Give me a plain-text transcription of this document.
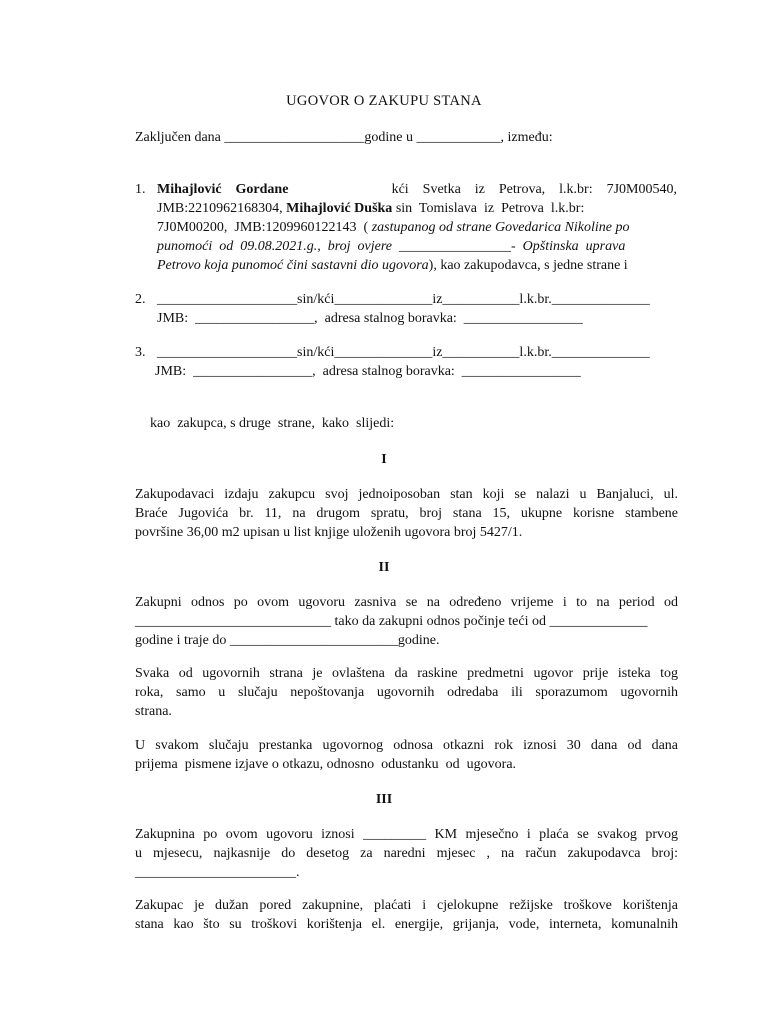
UGOVOR O ZAKUPU STANA
Zaključen dana ____________________godine u ____________, između:
1. Mihajlović    Gordane	kći    Svetka    iz    Petrova,    l.k.br:    7J0M00540,
JMB:2210962168304, Mihajlović Duška sin  Tomislava  iz  Petrova  l.k.br:
7J0M00200,  JMB:1209960122143  ( zastupanog od strane Govedarica Nikoline po
punomoći  od  09.08.2021.g.,  broj  ovjere  ________________-  Opštinska  uprava
Petrovo koja punomoć čini sastavni dio ugovora), kao zakupodavca, s jedne strane i
2. ____________________sin/kći______________iz___________l.k.br.______________
JMB:  _________________,  adresa stalnog boravka:  _________________
3. ____________________sin/kći______________iz___________l.k.br.______________
JMB:  _________________,  adresa stalnog boravka:  _________________
kao  zakupca, s druge  strane,  kako  slijedi:
I
Zakupodavaci izdaju zakupcu svoj jednoiposoban stan koji se nalazi u Banjaluci, ul.
Braće Jugovića br. 11, na drugom spratu, broj stana 15, ukupne korisne stambene
površine 36,00 m2 upisan u list knjige uloženih ugovora broj 5427/1.
II
Zakupni odnos po ovom ugovoru zasniva se na određeno vrijeme i to na period od
____________________________ tako da zakupni odnos počinje teći od ______________
godine i traje do ________________________godine.
Svaka od ugovornih strana je ovlaštena da raskine predmetni ugovor prije isteka tog
roka, samo u slučaju nepoštovanja ugovornih odredaba ili sporazumom ugovornih
strana.
U svakom slučaju prestanka ugovornog odnosa otkazni rok iznosi 30 dana od dana
prijema  pismene izjave o otkazu, odnosno  odustanku  od  ugovora.
III
Zakupnina po ovom ugovoru iznosi _________ KM mjesečno i plaća se svakog prvog
u mjesecu, najkasnije do desetog za naredni mjesec , na račun zakupodavca broj:
_______________________.
Zakupac je dužan pored zakupnine, plaćati i cjelokupne režijske troškove korištenja
stana kao što su troškovi korištenja el. energije, grijanja, vode, interneta, komunalnih
